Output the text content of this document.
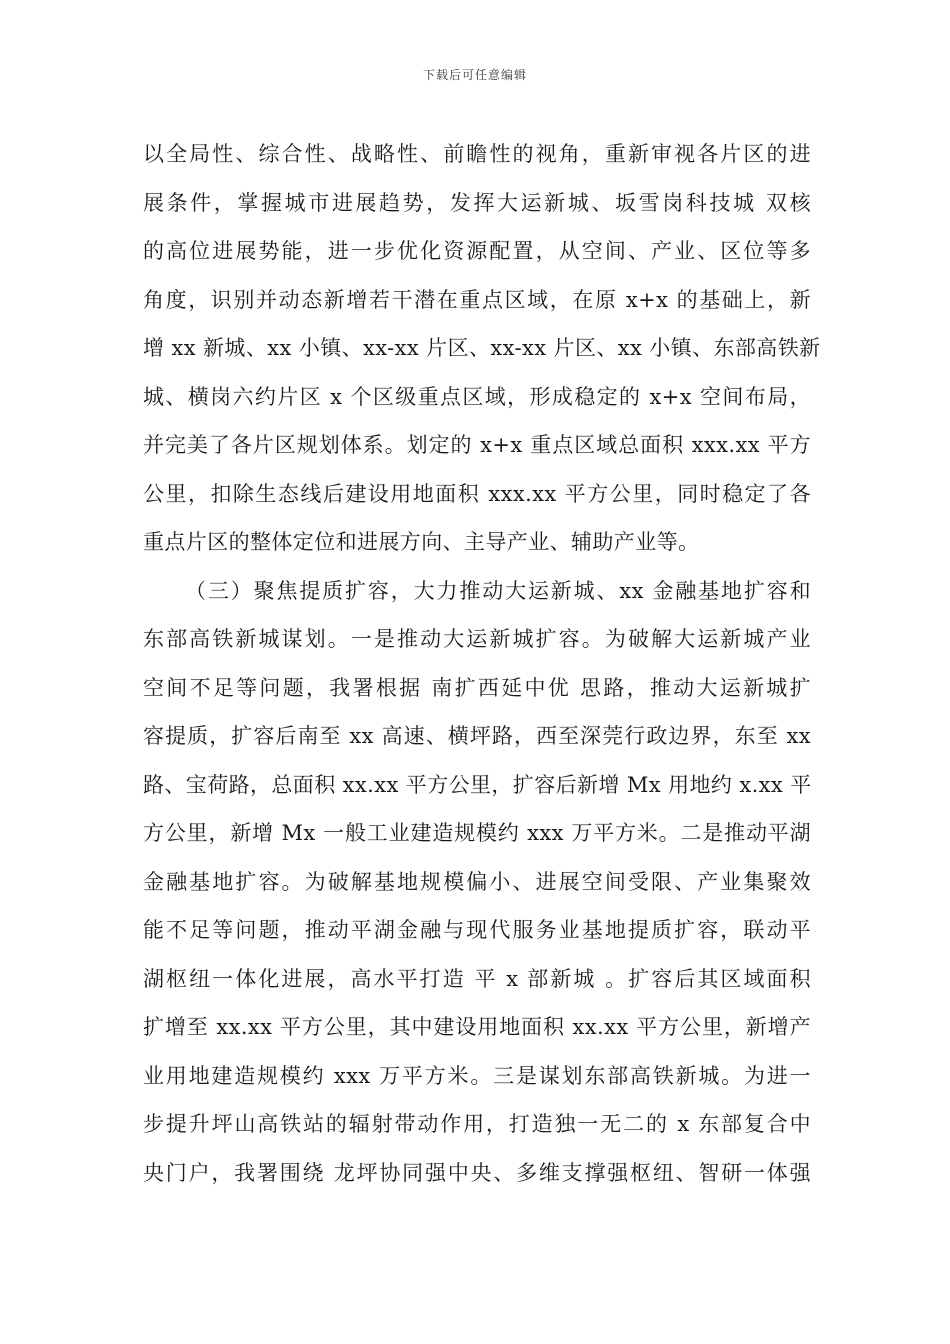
下载后可任意编辑
以全局性、综合性、战略性、前瞻性的视角，重新审视各片区的进
展条件，掌握城市进展趋势，发挥大运新城、坂雪岗科技城 双核
的高位进展势能，进一步优化资源配置，从空间、产业、区位等多
角度，识别并动态新增若干潜在重点区域，在原 x+x 的基础上，新
增 xx 新城、xx 小镇、xx-xx 片区、xx-xx 片区、xx 小镇、东部高铁新
城、横岗六约片区 x 个区级重点区域，形成稳定的 x+x 空间布局，
并完美了各片区规划体系。划定的 x+x 重点区域总面积 xxx.xx 平方
公里，扣除生态线后建设用地面积 xxx.xx 平方公里，同时稳定了各
重点片区的整体定位和进展方向、主导产业、辅助产业等。
（三）聚焦提质扩容，大力推动大运新城、xx 金融基地扩容和
东部高铁新城谋划。一是推动大运新城扩容。为破解大运新城产业
空间不足等问题，我署根据 南扩西延中优 思路，推动大运新城扩
容提质，扩容后南至 xx 高速、横坪路，西至深莞行政边界，东至 xx
路、宝荷路，总面积 xx.xx 平方公里，扩容后新增 Mx 用地约 x.xx 平
方公里，新增 Mx 一般工业建造规模约 xxx 万平方米。二是推动平湖
金融基地扩容。为破解基地规模偏小、进展空间受限、产业集聚效
能不足等问题，推动平湖金融与现代服务业基地提质扩容，联动平
湖枢纽一体化进展，高水平打造 平 x 部新城 。扩容后其区域面积
扩增至 xx.xx 平方公里，其中建设用地面积 xx.xx 平方公里，新增产
业用地建造规模约 xxx 万平方米。三是谋划东部高铁新城。为进一
步提升坪山高铁站的辐射带动作用，打造独一无二的 x 东部复合中
央门户，我署围绕 龙坪协同强中央、多维支撑强枢纽、智研一体强
